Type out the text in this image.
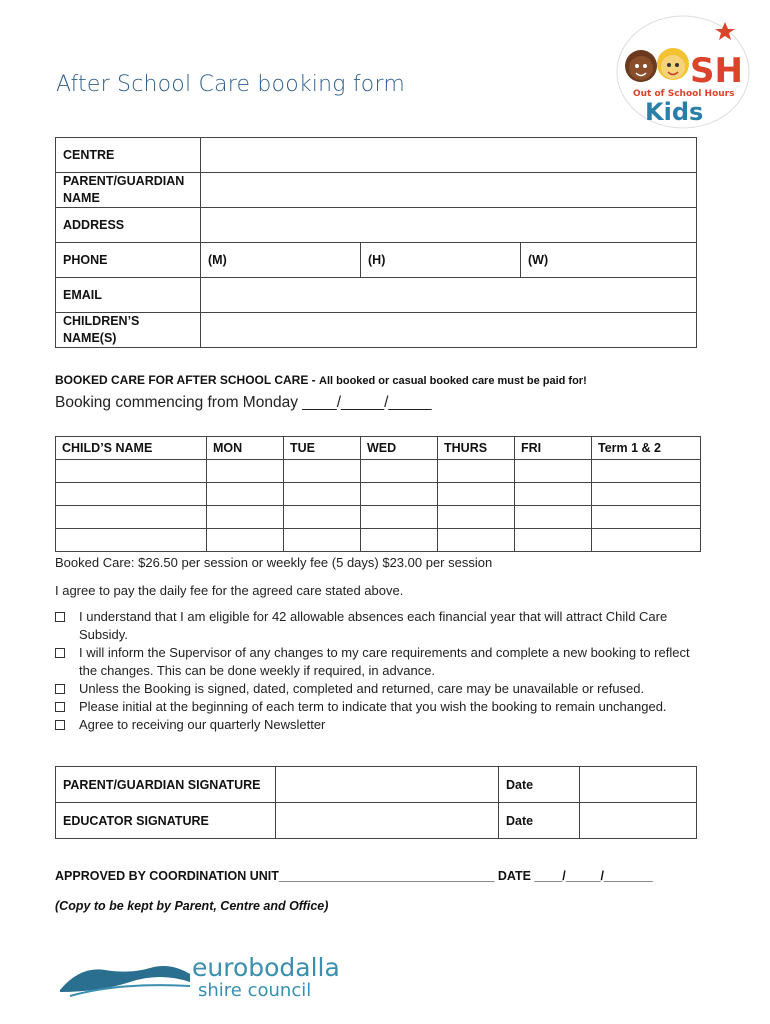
After School Care booking form	SH
Out of School Hours
Kids
CENTRE			
PARENT/GUARDIAN
NAME			
ADDRESS			
PHONE	(M)	(H)	(W)
EMAIL			
CHILDREN’S
NAME(S)			
BOOKED CARE FOR AFTER SCHOOL CARE - All booked or casual booked care must be paid for!
Booking commencing from Monday ____/_____/_____
CHILD’S NAME	MON	TUE	WED	THURS	FRI	Term 1 & 2

Booked Care: $26.50 per session or weekly fee (5 days) $23.00 per session
I agree to pay the daily fee for the agreed care stated above.
I understand that I am eligible for 42 allowable absences each financial year that will attract Child Care Subsidy.
I will inform the Supervisor of any changes to my care requirements and complete a new booking to reflect the changes. This can be done weekly if required, in advance.
Unless the Booking is signed, dated, completed and returned, care may be unavailable or refused.
Please initial at the beginning of each term to indicate that you wish the booking to remain unchanged.
Agree to receiving our quarterly Newsletter
PARENT/GUARDIAN SIGNATURE		Date	
EDUCATOR SIGNATURE		Date	
APPROVED BY COORDINATION UNIT_______________________________ DATE ____/_____/_______
(Copy to be kept by Parent, Centre and Office)
eurobodalla
shire council
